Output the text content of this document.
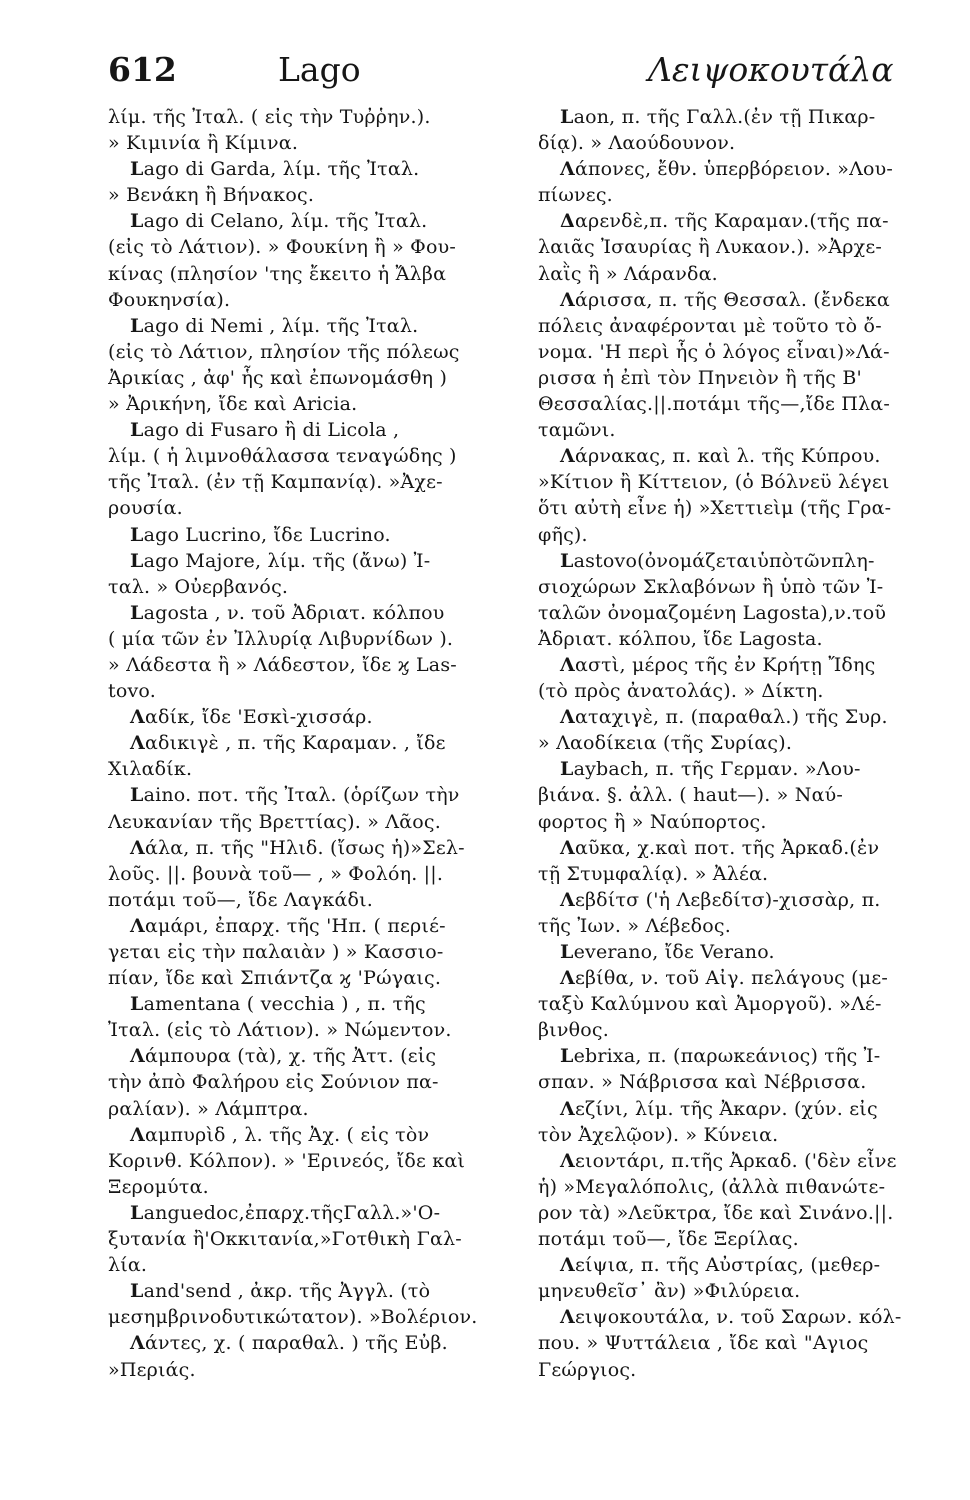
612	Lago	Λειψοκουτάλα
λίμ. τῆς Ἰταλ. ( εἰς τὴν Τυῤῥην.).
» Κιμινία ἢ Κίμινα.
Lago di Garda, λίμ. τῆς Ἰταλ.
» Βενάκη ἢ Βήνακος.
Lago di Celano, λίμ. τῆς Ἰταλ.
(εἰς τὸ Λάτιον). » Φουκίνη ἢ » Φου-
κίνας (πλησίον 'της ἔκειτο ἡ Ἄλβα
Φουκηνσία).
Lago di Nemi , λίμ. τῆς Ἰταλ.
(εἰς τὸ Λάτιον, πλησίον τῆς πόλεως
Ἀρικίας , ἀφ' ἧς καὶ ἐπωνομάσθη )
» Ἀρικήνη, ἴδε καὶ Aricia.
Lago di Fusaro ἢ di Licola ,
λίμ. ( ἡ λιμνοθάλασσα τεναγώδης )
τῆς Ἰταλ. (ἐν τῇ Καμπανίᾳ). »Ἀχε-
ρουσία.
Lago Lucrino, ἴδε Lucrino.
Lago Majore, λίμ. τῆς (ἄνω) Ἰ-
ταλ. » Οὐερβανός.
Lagosta , ν. τοῦ Ἀδριατ. κόλπου
( μία τῶν ἐν Ἰλλυρίᾳ Λιβυρνίδων ).
» Λάδεστα ἢ » Λάδεστον, ἴδε ϗ Las-
tovo.
Λαδίκ, ἴδε 'Εσκὶ-χισσάρ.
Λαδικιγὲ , π. τῆς Καραμαν. , ἴδε
Χιλαδίκ.
Laino. ποτ. τῆς Ἰταλ. (ὁρίζων τὴν
Λευκανίαν τῆς Βρεττίας). » Λᾶος.
Λάλα, π. τῆς "Ηλιδ. (ἴσως ἡ)»Σελ-
λοῦς. ||. βουνὰ τοῦ— , » Φολόη. ||.
ποτάμι τοῦ—, ἴδε Λαγκάδι.
Λαμάρι, ἐπαρχ. τῆς 'Ηπ. ( περιέ-
γεται εἰς τὴν παλαιὰν ) » Κασσιο-
πίαν, ἴδε καὶ Σπιάντζα ϗ 'Ρώγαις.
Lamentana ( vecchia ) , π. τῆς
Ἰταλ. (εἰς τὸ Λάτιον). » Νώμεντον.
Λάμπουρα (τὰ), χ. τῆς Ἀττ. (εἰς
τὴν ἀπὸ Φαλήρου εἰς Σούνιον πα-
ραλίαν). » Λάμπτρα.
Λαμπυρὶδ , λ. τῆς Ἀχ. ( εἰς τὸν
Κορινθ. Κόλπον). » 'Ερινεός, ἴδε καὶ
Ξερομύτα.
Languedoc,ἐπαρχ.τῆςΓαλλ.»'Ο-
ξυτανία ἢ'Οκκιτανία,»Γοτθικὴ Γαλ-
λία.
Land'send , ἀκρ. τῆς Ἀγγλ. (τὸ
μεσημβρινοδυτικώτατον). »Βολέριον.
Λάντες, χ. ( παραθαλ. ) τῆς Εὐβ.
»Περιάς.
Laon, π. τῆς Γαλλ.(ἐν τῇ Πικαρ-
δίᾳ). » Λαούδουνον.
Λάπονες, ἔθν. ὑπερβόρειον. »Λου-
πίωνες.
Δαρενδὲ,π. τῆς Καραμαν.(τῆς πα-
λαιᾶς Ἰσαυρίας ἢ Λυκαον.). »Ἀρχε-
λαῒς ἢ » Λάρανδα.
Λάρισσα, π. τῆς Θεσσαλ. (ἔνδεκα
πόλεις ἀναφέρονται μὲ τοῦτο τὸ ὄ-
νομα. 'Η περὶ ἧς ὁ λόγος εἶναι)»Λά-
ρισσα ἡ ἐπὶ τὸν Πηνειὸν ἢ τῆς Β'
Θεσσαλίας.||.ποτάμι τῆς—,ἴδε Πλα-
ταμῶνι.
Λάρνακας, π. καὶ λ. τῆς Κύπρου.
»Κίτιον ἢ Κίττειον, (ὁ Βόλνεϋ λέγει
ὅτι αὐτὴ εἶνε ἡ) »Χεττιεὶμ (τῆς Γρα-
φῆς).
Lastovo(ὀνομάζεταιὑπὸτῶνπλη-
σιοχώρων Σκλαβόνων ἢ ὑπὸ τῶν Ἰ-
ταλῶν ὀνομαζομένη Lagosta),ν.τοῦ
Ἀδριατ. κόλπου, ἴδε Lagosta.
Λαστὶ, μέρος τῆς ἐν Κρήτῃ Ἴδης
(τὸ πρὸς ἀνατολάς). » Δίκτη.
Λαταχιγὲ, π. (παραθαλ.) τῆς Συρ.
» Λαοδίκεια (τῆς Συρίας).
Laybach, π. τῆς Γερμαν. »Λου-
βιάνα. §. ἀλλ. ( haut—). » Ναύ-
φορτος ἢ » Ναύπορτος.
Λαῦκα, χ.καὶ ποτ. τῆς Ἀρκαδ.(ἐν
τῇ Στυμφαλίᾳ). » Ἀλέα.
Λεβδίτσ ('ἡ Λεβεδίτσ)-χισσὰρ, π.
τῆς Ἰων. » Λέβεδος.
Leverano, ἴδε Verano.
Λεβίθα, ν. τοῦ Αἰγ. πελάγους (με-
ταξὺ Καλύμνου καὶ Ἀμοργοῦ). »Λέ-
βινθος.
Lebrixa, π. (παρωκεάνιος) τῆς Ἰ-
σπαν. » Νάβρισσα καὶ Νέβρισσα.
Λεζίνι, λίμ. τῆς Ἀκαρν. (χύν. εἰς
τὸν Ἀχελῷον). » Κύνεια.
Λειοντάρι, π.τῆς Ἀρκαδ. ('δὲν εἶνε
ἡ) »Μεγαλόπολις, (ἀλλὰ πιθανώτε-
ρον τὰ) »Λεῦκτρα, ἴδε καὶ Σινάνο.||.
ποτάμι τοῦ—, ἴδε Ξερίλας.
Λείψια, π. τῆς Αὐστρίας, (μεθερ-
μηνευθεῖσ᾽ ἂν) »Φιλύρεια.
Λειψοκουτάλα, ν. τοῦ Σαρων. κόλ-
που. » Ψυττάλεια , ἴδε καὶ "Αγιος
Γεώργιος.
